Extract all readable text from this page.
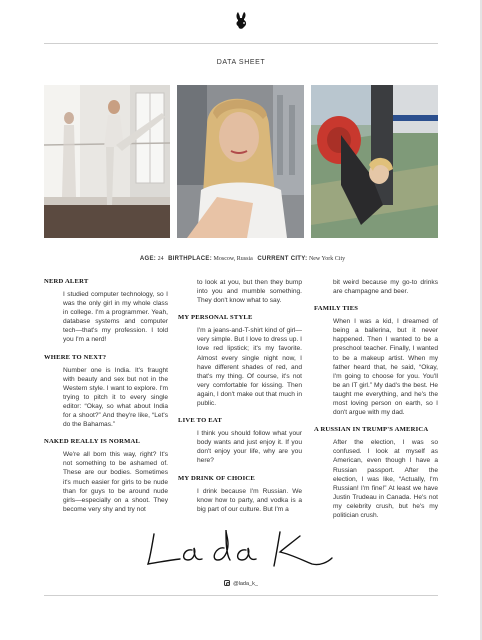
DATA SHEET
AGE: 24 BIRTHPLACE: Moscow, Russia CURRENT CITY: New York City
NERD ALERT
I studied computer technology, so I was the only girl in my whole class in college. I'm a programmer. Yeah, database systems and computer tech—that's my profession. I told you I'm a nerd!
WHERE TO NEXT?
Number one is India. It's fraught with beauty and sex but not in the Western style. I want to explore. I'm trying to pitch it to every single editor: “Okay, so what about India for a shoot?” And they're like, “Let's do the Bahamas.”
NAKED REALLY IS NORMAL
We're all born this way, right? It's not something to be ashamed of. These are our bodies. Sometimes it's much easier for girls to be nude than for guys to be around nude girls—especially on a shoot. They become very shy and try not
to look at you, but then they bump into you and mumble something. They don't know what to say.
MY PERSONAL STYLE
I'm a jeans-and-T-shirt kind of girl—very simple. But I love to dress up. I love red lipstick; it's my favorite. Almost every single night now, I have different shades of red, and that's my thing. Of course, it's not very comfortable for kissing. Then again, I don't make out that much in public.
LIVE TO EAT
I think you should follow what your body wants and just enjoy it. If you don't enjoy your life, why are you here?
MY DRINK OF CHOICE
I drink because I'm Russian. We know how to party, and vodka is a big part of our culture. But I'm a
bit weird because my go-to drinks are champagne and beer.
FAMILY TIES
When I was a kid, I dreamed of being a ballerina, but it never happened. Then I wanted to be a preschool teacher. Finally, I wanted to be a makeup artist. When my father heard that, he said, “Okay, I'm going to choose for you. You'll be an IT girl.” My dad's the best. He taught me everything, and he's the most loving person on earth, so I don't argue with my dad.
A RUSSIAN IN TRUMP'S AMERICA
After the election, I was so confused. I look at myself as American, even though I have a Russian passport. After the election, I was like, “Actually, I'm Russian! I'm fine!” At least we have Justin Trudeau in Canada. He's not my celebrity crush, but he's my politician crush.
@lada_k_
